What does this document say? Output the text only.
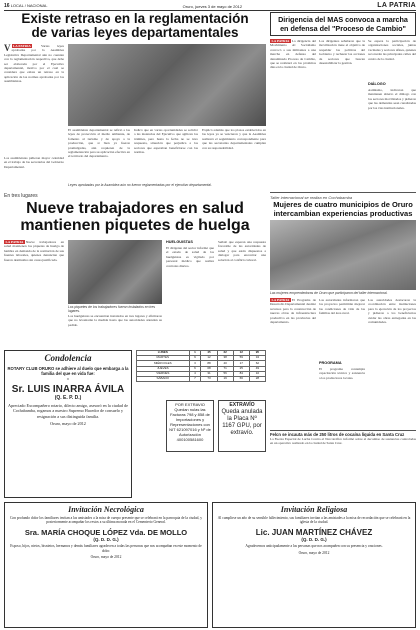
16 LOCAL / NACIONAL	Oruro, jueves 3 de mayo de 2012	LA PATRIA

Existe retraso en la reglamentación

de varias leyes departamentales

LA PATRIA
V	Varias leyes aprobadas por la Asamblea Legislativa Departamental aún no cuentan con la reglamentación respectiva, que debe ser elaborada por el Ejecutivo departamental, motivo por el cual se considera que existe un retraso en la aplicación de las normas aprobadas por los asambleístas.
El asambleísta departamental se refirió a las leyes de protección al medio ambiente, de fomento al turismo y de apoyo a la producción, que si bien ya fueron promulgadas, aún requieren de la reglamentación para su aplicación efectiva en el territorio del departamento.
Indicó que en varias oportunidades se solicitó a las instancias del Ejecutivo que agilicen los trámites, pero hasta la fecha no se tuvo respuesta, situación que perjudica a los sectores que esperaban beneficiarse con las normas.
Explicó además que los plazos establecidos en las leyes ya se vencieron y que la Asamblea realizará el seguimiento correspondiente para que las secretarías departamentales cumplan con su responsabilidad.
Leyes aprobadas por la Asamblea aún no fueron reglamentadas por el ejecutivo departamental.
Los asambleístas pidieron mayor celeridad en el trabajo de las secretarías del Gobierno Departamental.

Dirigencia del MAS convoca a marcha

en defensa del "Proceso de Cambio"

LA PATRIA La dirigencia del Movimiento Al Socialismo convocó a sus militantes a una marcha en defensa del denominado Proceso de Cambio, que se realizará en los próximos días en la ciudad de Oruro.
Los dirigentes señalaron que la movilización tiene el objetivo de respaldar las políticas del Gobierno y rechazar las acciones de sectores que buscan desestabilizar la gestión.
Se espera la participación de organizaciones sociales, juntas vecinales y sectores afines, quienes recorrerán las principales calles del centro de la ciudad.
DIÁLOGO
Asimismo, indicaron que mantienen abierto el diálogo con los sectores movilizados y pidieron que las demandas sean canalizadas por las vías institucionales.
Taller internacional se realiza en Cochabamba

Mujeres de cuatro municipios de Oruro

intercambian experiencias productivas

Las mujeres emprendedoras de Oruro que participaron del taller internacional.
En tres lugares

Nueve trabajadores en salud

mantienen piquetes de huelga

LA PATRIA Nueve trabajadores en salud mantienen los piquetes de huelga de hambre en demanda de la restitución de sus fuentes laborales, quienes denuncian que fueron destituidos sin causa justificada.
Los piquetes de los trabajadores fueron instalados en tres lugares.
Los huelguistas se encuentran instalados en tres lugares y afirmaron que no levantarán la medida hasta que las autoridades atiendan su pedido.
HUELGUISTAS
El dirigente del sector informó que el estado de salud de los huelguistas es vigilado por personal médico que realiza controles diarios.
Señaló que esperan una respuesta favorable de las autoridades de salud y que están dispuestos a dialogar para encontrar una solución al conflicto laboral.
LA PATRIA El Programa de Desarrollo Departamental destinó recursos para la construcción de nuevas obras de infraestructura productiva en las provincias del departamento.
Las autoridades informaron que los proyectos permitirán mejorar las condiciones de vida de las familias del área rural.
PROGRAMA
El programa contempla capacitación técnica y asistencia a los productores locales.
Las autoridades destacaron la coordinación entre instituciones para la ejecución de los proyectos y pidieron a los beneficiarios cuidar las obras entregadas en las comunidades.
Felcn se incauta más de 250 litros de cocaína líquida en Santa Cruz
La Fuerza Especial de Lucha Contra el Narcotráfico informó sobre el decomiso de sustancias controladas en un operativo realizado en la ciudad de Santa Cruz.
Condolencia
ROTARY CLUB ORURO se adhiere al duelo que embarga a la familia del que en vida fue:
⚙
Sr. LUIS INARRA ÁVILA
(Q. E. P. D.)
Apreciado Excompañero rotario, dilecto amigo, asesoró en la ciudad de Cochabamba, rogamos a nuestro Supremo Hacedor de consuelo y resignación a sus distinguida familia.
Oruro, mayo de 2012
LUNES	1	45	22	12	95
MARTES	9	12	38	59	34
MIÉRCOLES	3	88	40	17	62
JUEVES	6	08	71	25	49
VIERNES	4	31	56	84	10
SÁBADO	7	73	19	66	28
POR EXTRAVIO Quedan nulas las Facturas 798 y 858 de Importaciones y Representaciones con NIT 621097016 y Nº de Autorización 400100581600
EXTRAVÍO
Queda anulada la Placa Nº 1167 GPU, por extravío.
Invitación Necrológica
Con profundo dolor los familiares invitan a las amistades a la misa de cuerpo presente que se celebrará en la parroquia de la ciudad, y posteriormente acompañar los restos a su última morada en el Cementerio General.
Sra. MARÍA CHOQUE LÓPEZ Vda. DE MOLLO
(Q. D. D. G.)
Esposo, hijos, nietos, bisnietos, hermanos y demás familiares agradecen a todas las personas que nos acompañan en este momento de dolor.
Oruro, mayo de 2012
Invitación Religiosa
Al cumplirse un año de su sensible fallecimiento, sus familiares invitan a las amistades a la misa de recordación que se celebrará en la iglesia de la ciudad.
Lic. JUAN MARTÍNEZ CHÁVEZ
(Q. D. D. G.)
Agradecemos anticipadamente a las personas que nos acompañen con su presencia y oraciones.
Oruro, mayo de 2012
